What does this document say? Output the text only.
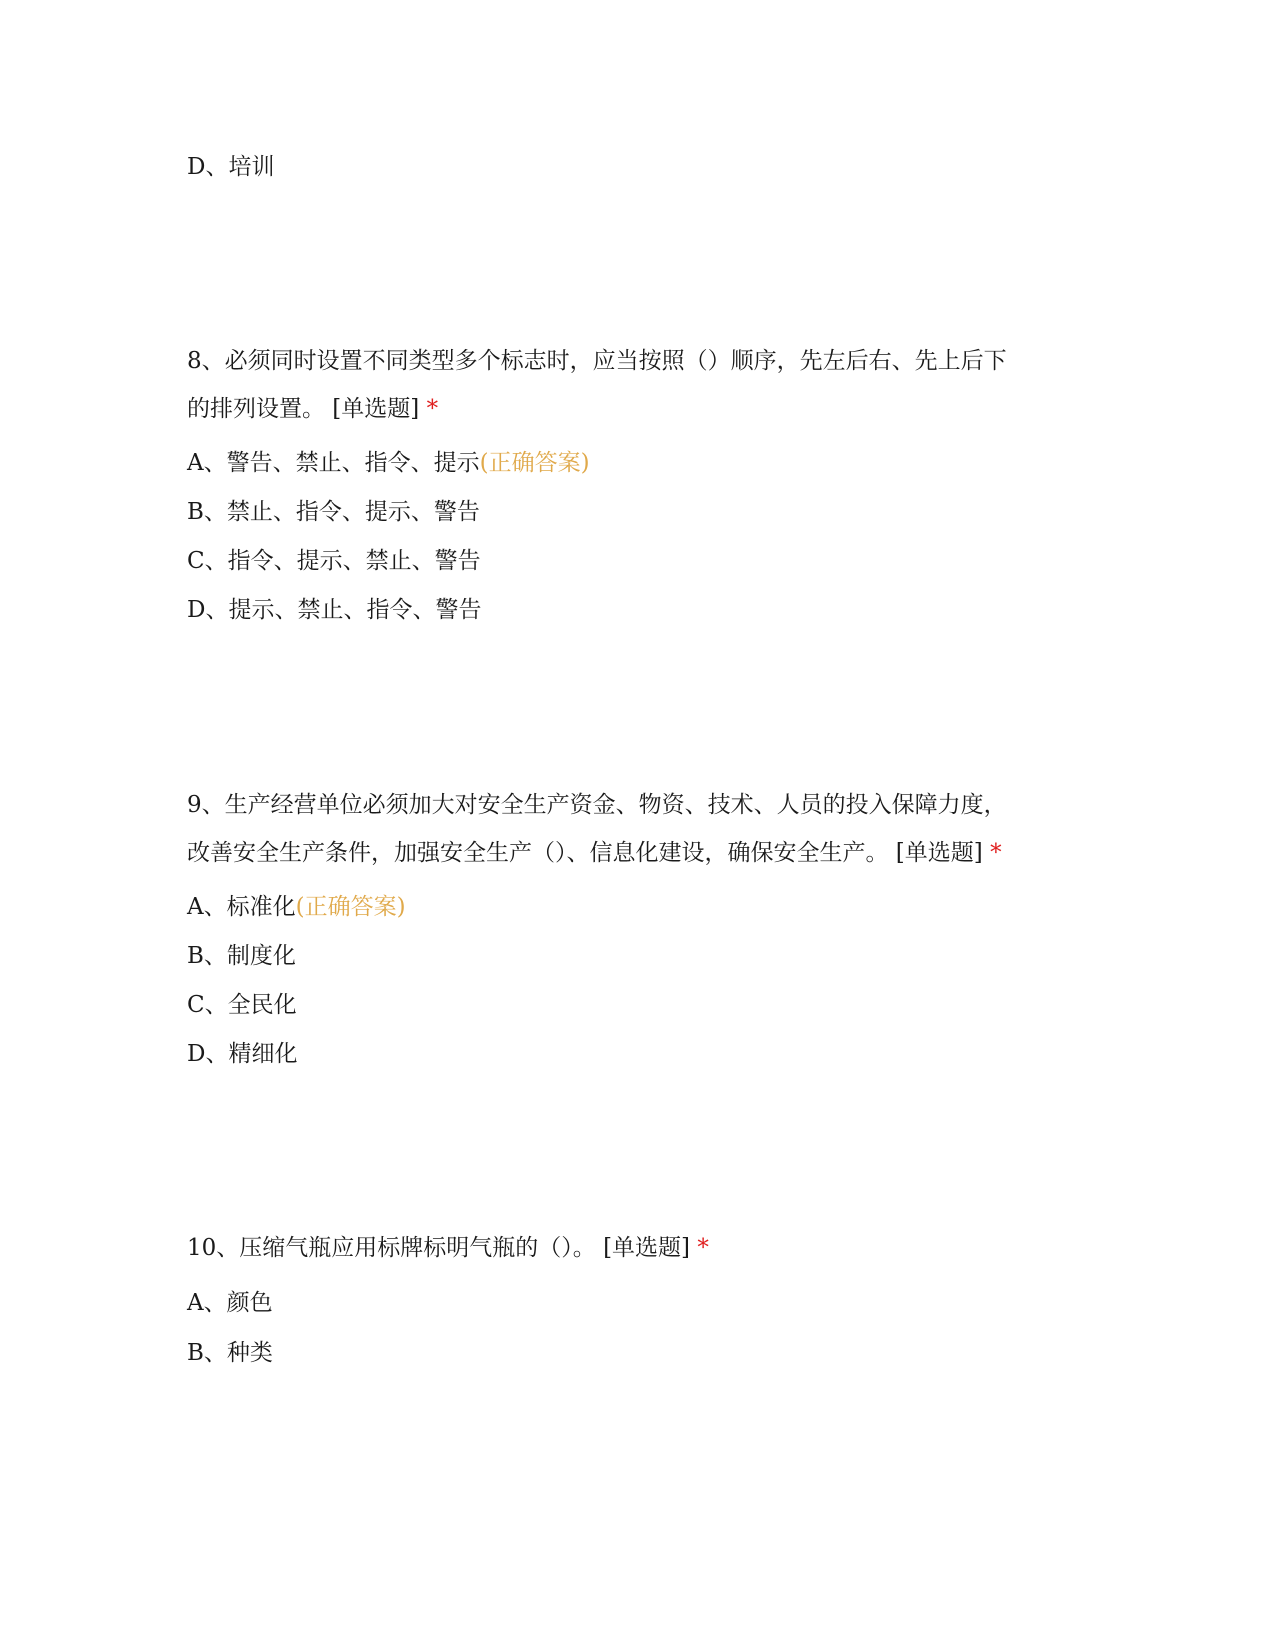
D、培训
8、必须同时设置不同类型多个标志时，应当按照（）顺序，先左后右、先上后下
的排列设置。 [单选题] *
A、警告、禁止、指令、提示(正确答案)
B、禁止、指令、提示、警告
C、指令、提示、禁止、警告
D、提示、禁止、指令、警告
9、生产经营单位必须加大对安全生产资金、物资、技术、人员的投入保障力度，
改善安全生产条件，加强安全生产（）、信息化建设，确保安全生产。 [单选题] *
A、标准化(正确答案)
B、制度化
C、全民化
D、精细化
10、压缩气瓶应用标牌标明气瓶的（）。 [单选题] *
A、颜色
B、种类
